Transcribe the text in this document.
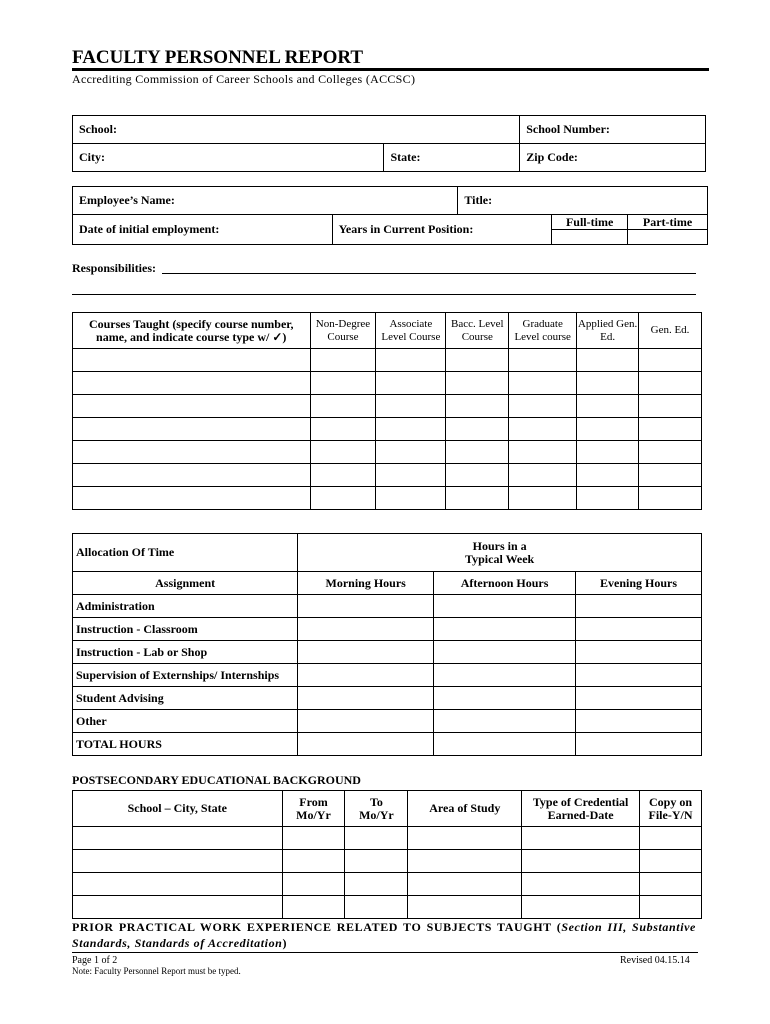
FACULTY PERSONNEL REPORT
Accrediting Commission of Career Schools and Colleges (ACCSC)
School:		School Number:
City:	State:	Zip Code:
Employee’s Name:		Title:		
Date of initial employment:	Years in Current Position:		Full-time	Part-time

Responsibilities:
Courses Taught (specify course number, name, and indicate course type w/ ✓)	Non-Degree Course	Associate Level Course	Bacc. Level Course	Graduate Level course	Applied Gen. Ed.	Gen. Ed.

Allocation Of Time	Hours in a Typical Week		
Assignment	Morning Hours	Afternoon Hours	Evening Hours
Administration			
Instruction - Classroom			
Instruction - Lab or Shop			
Supervision of Externships/ Internships			
Student Advising			
Other			
TOTAL HOURS			
POSTSECONDARY EDUCATIONAL BACKGROUND
School – City, State	From Mo/Yr	To Mo/Yr	Area of Study	Type of Credential Earned-Date	Copy on File-Y/N

PRIOR PRACTICAL WORK EXPERIENCE RELATED TO SUBJECTS TAUGHT (Section III, Substantive Standards, Standards of Accreditation)
Page 1 of 2	Revised 04.15.14
Note: Faculty Personnel Report must be typed.
